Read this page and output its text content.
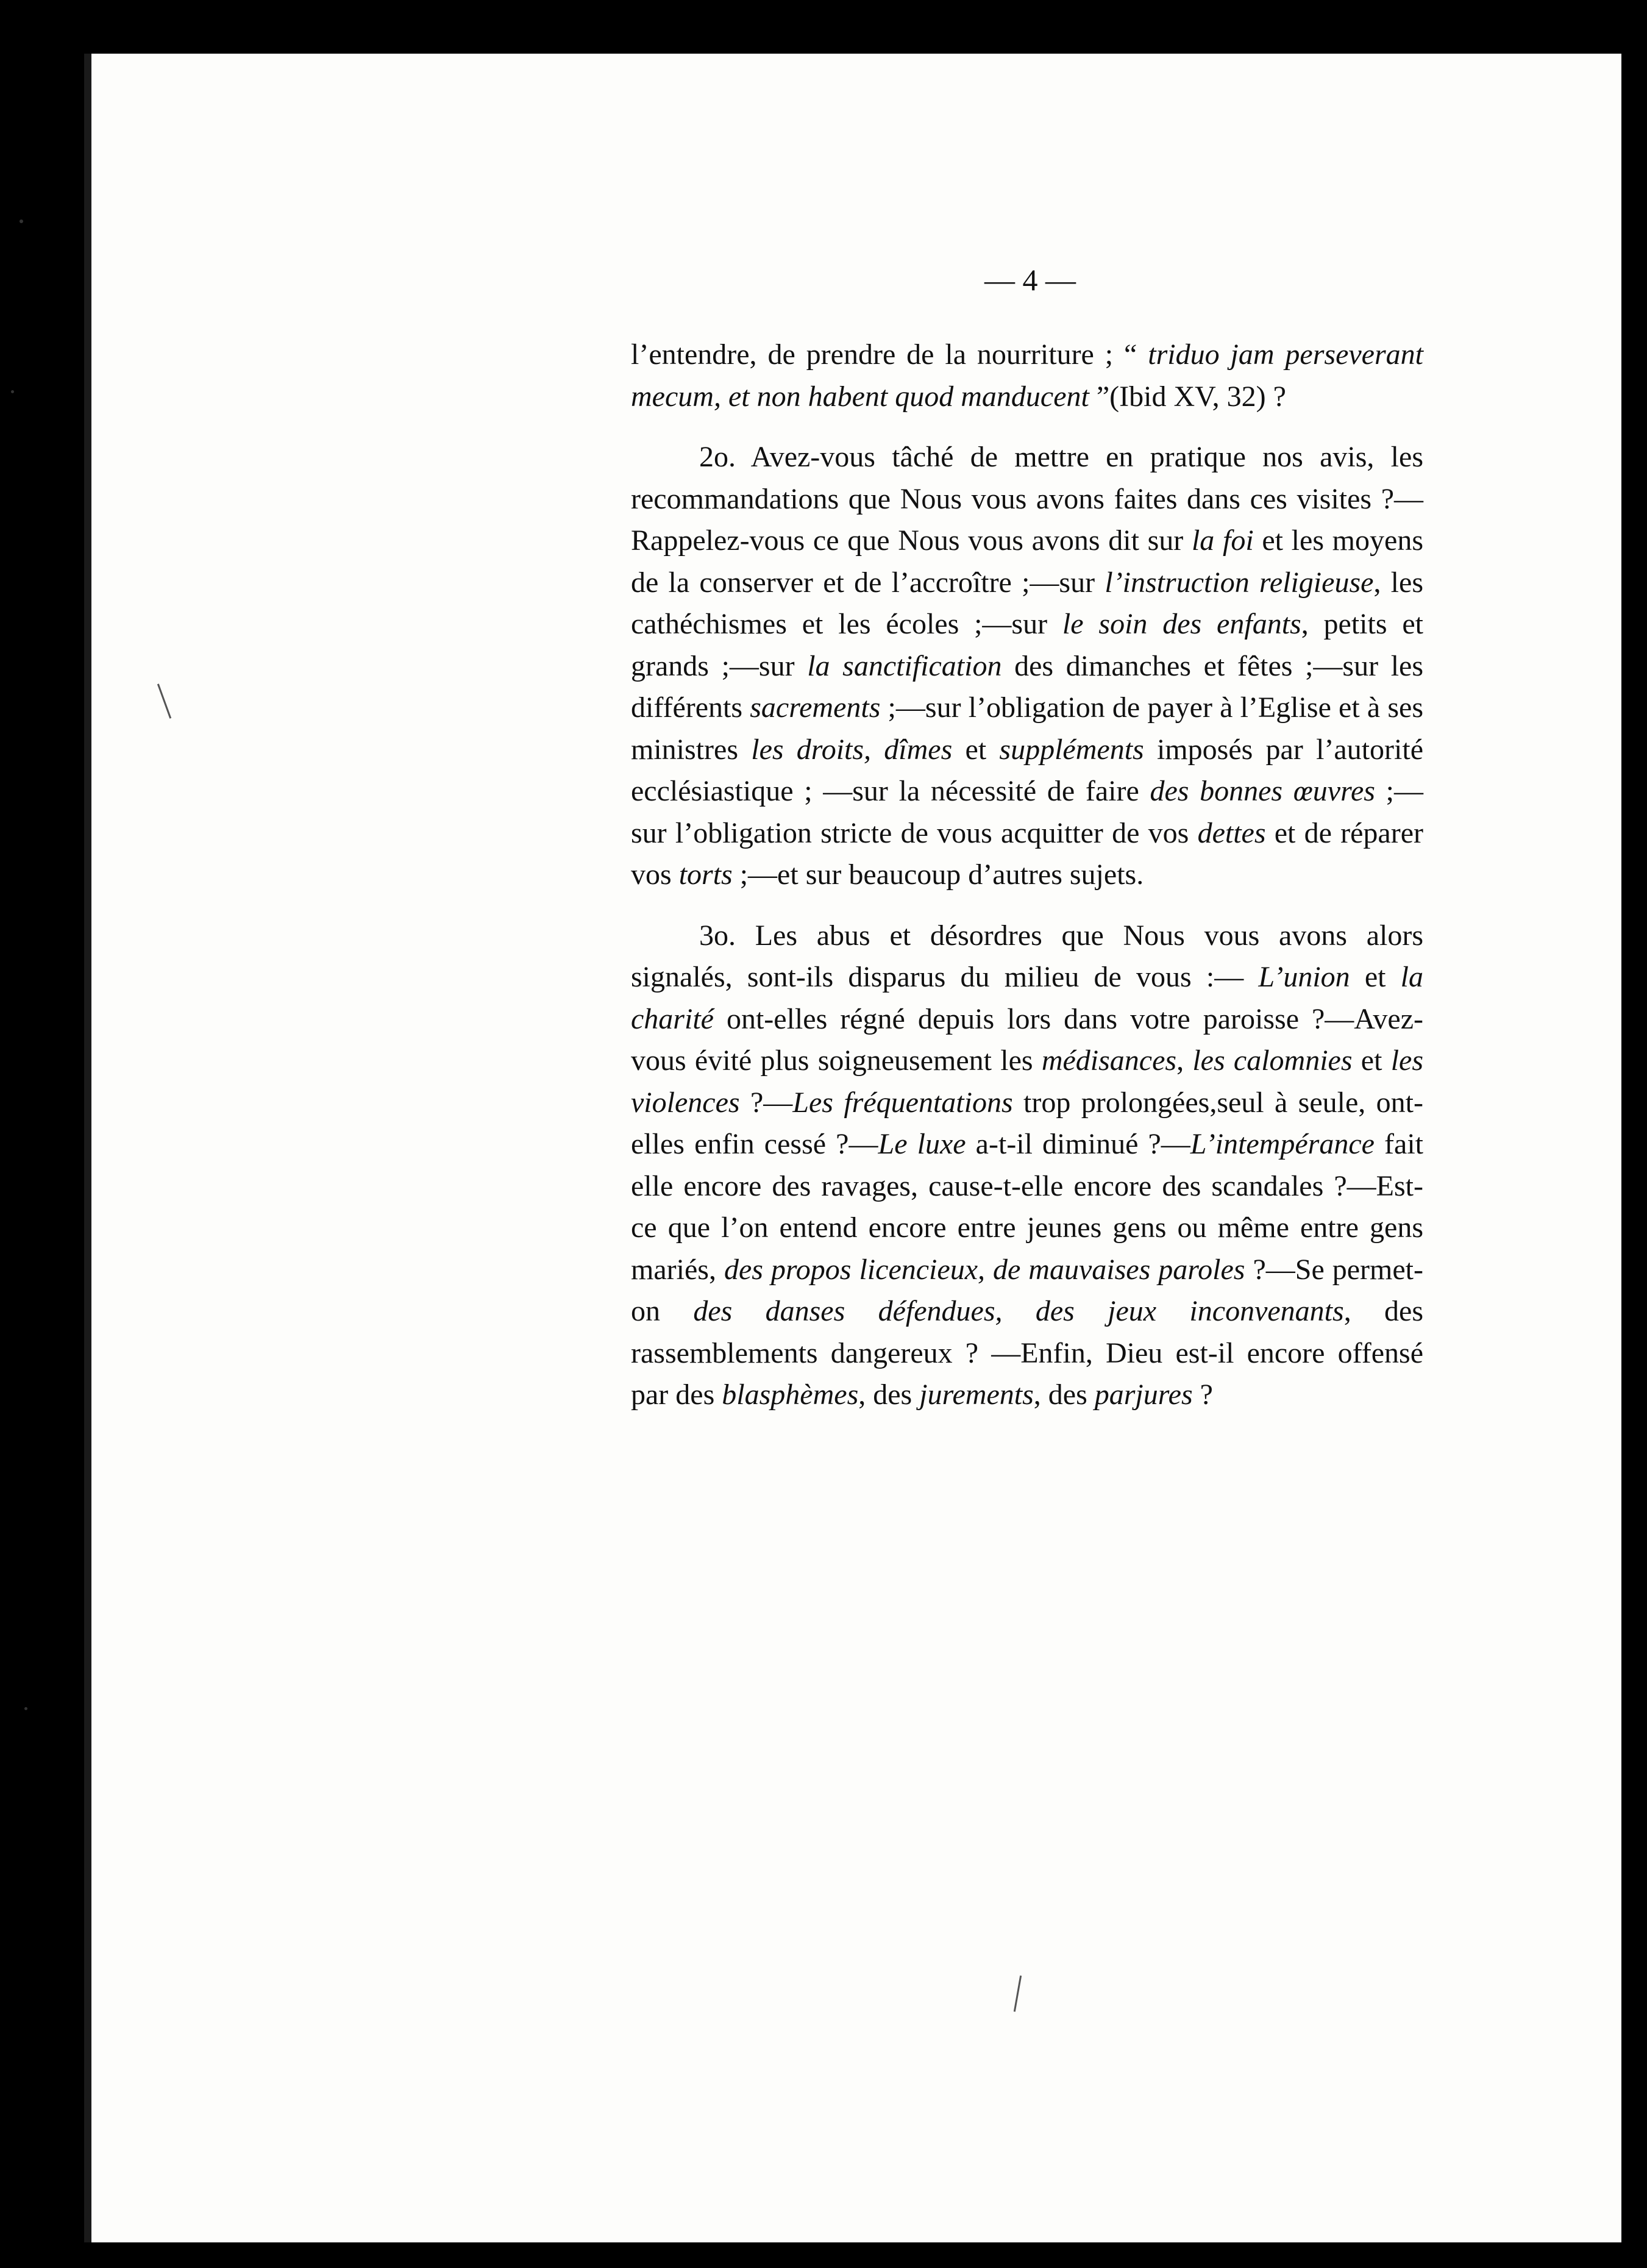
— 4 —

l’entendre, de prendre de la nourriture ; “ triduo jam perseverant mecum, et non habent quod manducent ”(Ibid XV, 32) ?

2o. Avez-vous tâché de mettre en pratique nos avis, les recommandations que Nous vous avons faites dans ces visites ?—Rappelez-vous ce que Nous vous avons dit sur la foi et les moyens de la conserver et de l’accroître ;—sur l’instruction religieuse, les cathéchismes et les écoles ;—sur le soin des enfants, petits et grands ;—sur la sanctification des dimanches et fêtes ;—sur les différents sacrements ;—sur l’obligation de payer à l’Eglise et à ses ministres les droits, dîmes et suppléments imposés par l’autorité ecclésiastique ; —sur la nécessité de faire des bonnes œuvres ;—sur l’obligation stricte de vous acquitter de vos dettes et de réparer vos torts ;—et sur beaucoup d’autres sujets.

3o. Les abus et désordres que Nous vous avons alors signalés, sont-ils disparus du milieu de vous :— L’union et la charité ont-elles régné depuis lors dans votre paroisse ?—Avez-vous évité plus soigneusement les médisances, les calomnies et les violences ?—Les fréquentations trop prolongées,seul à seule, ont-elles enfin cessé ?—Le luxe a-t-il diminué ?—L’intempérance fait elle encore des ravages, cause-t-elle encore des scandales ?—Est-ce que l’on entend encore entre jeunes gens ou même entre gens mariés, des propos licencieux, de mauvaises paroles ?—Se permet-on des danses défendues, des jeux inconvenants, des rassemblements dangereux ? —Enfin, Dieu est-il encore offensé par des blasphèmes, des jurements, des parjures ?
